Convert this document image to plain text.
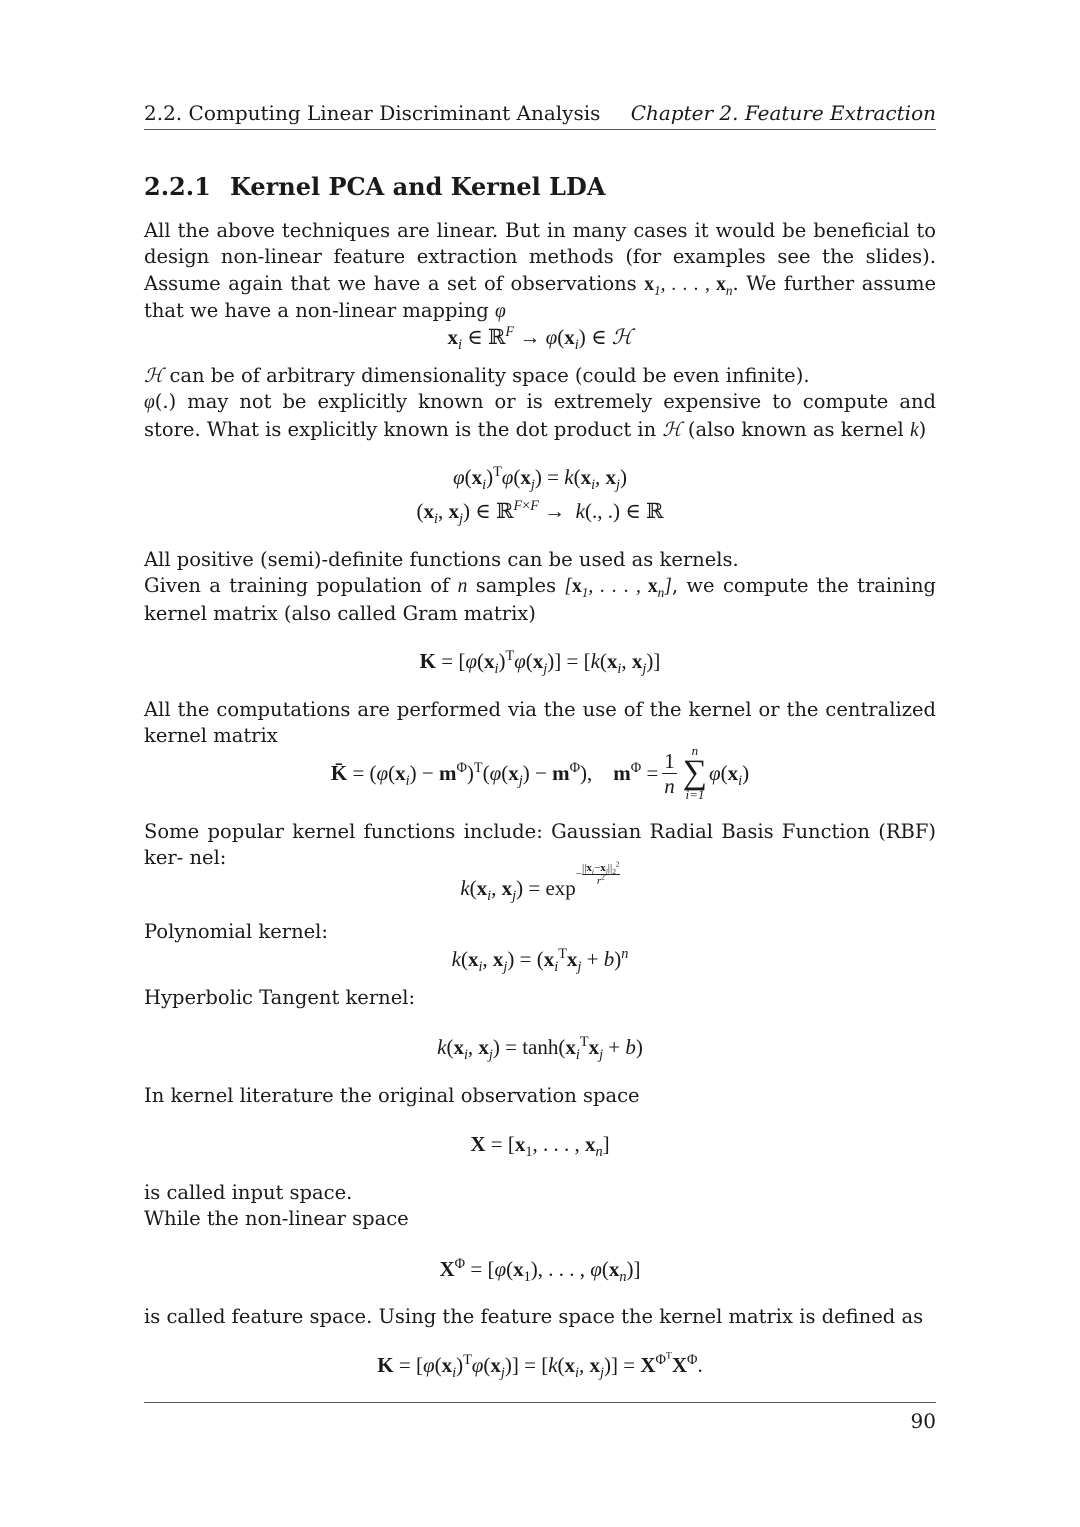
2.2. Computing Linear Discriminant Analysis Chapter 2. Feature Extraction
2.2.1 Kernel PCA and Kernel LDA
All the above techniques are linear. But in many cases it would be beneficial to design non-linear feature extraction methods (for examples see the slides). Assume again that we have a set of observations $x_1$, . . . , $x_n$. We further assume that we have a non-linear mapping φ
$x_i$ ∈ ℝ$^F$ → $\varphi(x_i)$ ∈ ℋ
ℋ can be of arbitrary dimensionality space (could be even infinite).
φ(.) may not be explicitly known or is extremely expensive to compute and store. What is explicitly known is the dot product in ℋ (also known as kernel k)
$\varphi(x_i)^T\varphi(x_j) = k(x_i$, $x_j$)
($x_i$, $x_j$) ∈ ℝ$^{F\times F}$ →  k(., .) ∈ ℝ
All positive (semi)-definite functions can be used as kernels.
Given a training population of n samples [$x_1$, . . . , $x_n$], we compute the training kernel matrix (also called Gram matrix)
$K = [\varphi(x_i)^T\varphi(x_j)] = [k(x_i$, $x_j$)]
All the computations are performed via the use of the kernel or the centralized kernel matrix
K̄ = $(\varphi(x_i) - m^\Phi)^T(\varphi(x_j) - m^\Phi)$,    $m^\Phi = \frac{1}{n}$	n
∑
i=1
$\varphi(x_i)$
Some popular kernel functions include: Gaussian Radial Basis Function (RBF) ker- nel:
$k(x_i$, $x_j) = \exp^{- \frac{||x_i-x_j||_2^2}{r^2}}$
Polynomial kernel:
$k(x_i$, $x_j) = (x_i^Tx_j + b)^n$
Hyperbolic Tangent kernel:
$k(x_i$, $x_j) = \tanh(x_i^Tx_j + b)$
In kernel literature the original observation space
$X = [x_1$, . . . , $x_n$]
is called input space.
While the non-linear space
$X^\Phi = [\varphi(x_1)$, . . . , $\varphi(x_n)$]
is called feature space. Using the feature space the kernel matrix is defined as
$K = [\varphi(x_i)^T\varphi(x_j)] = [k(x_i$, $x_j)] = X^{\Phi^T}X^\Phi$.
90
